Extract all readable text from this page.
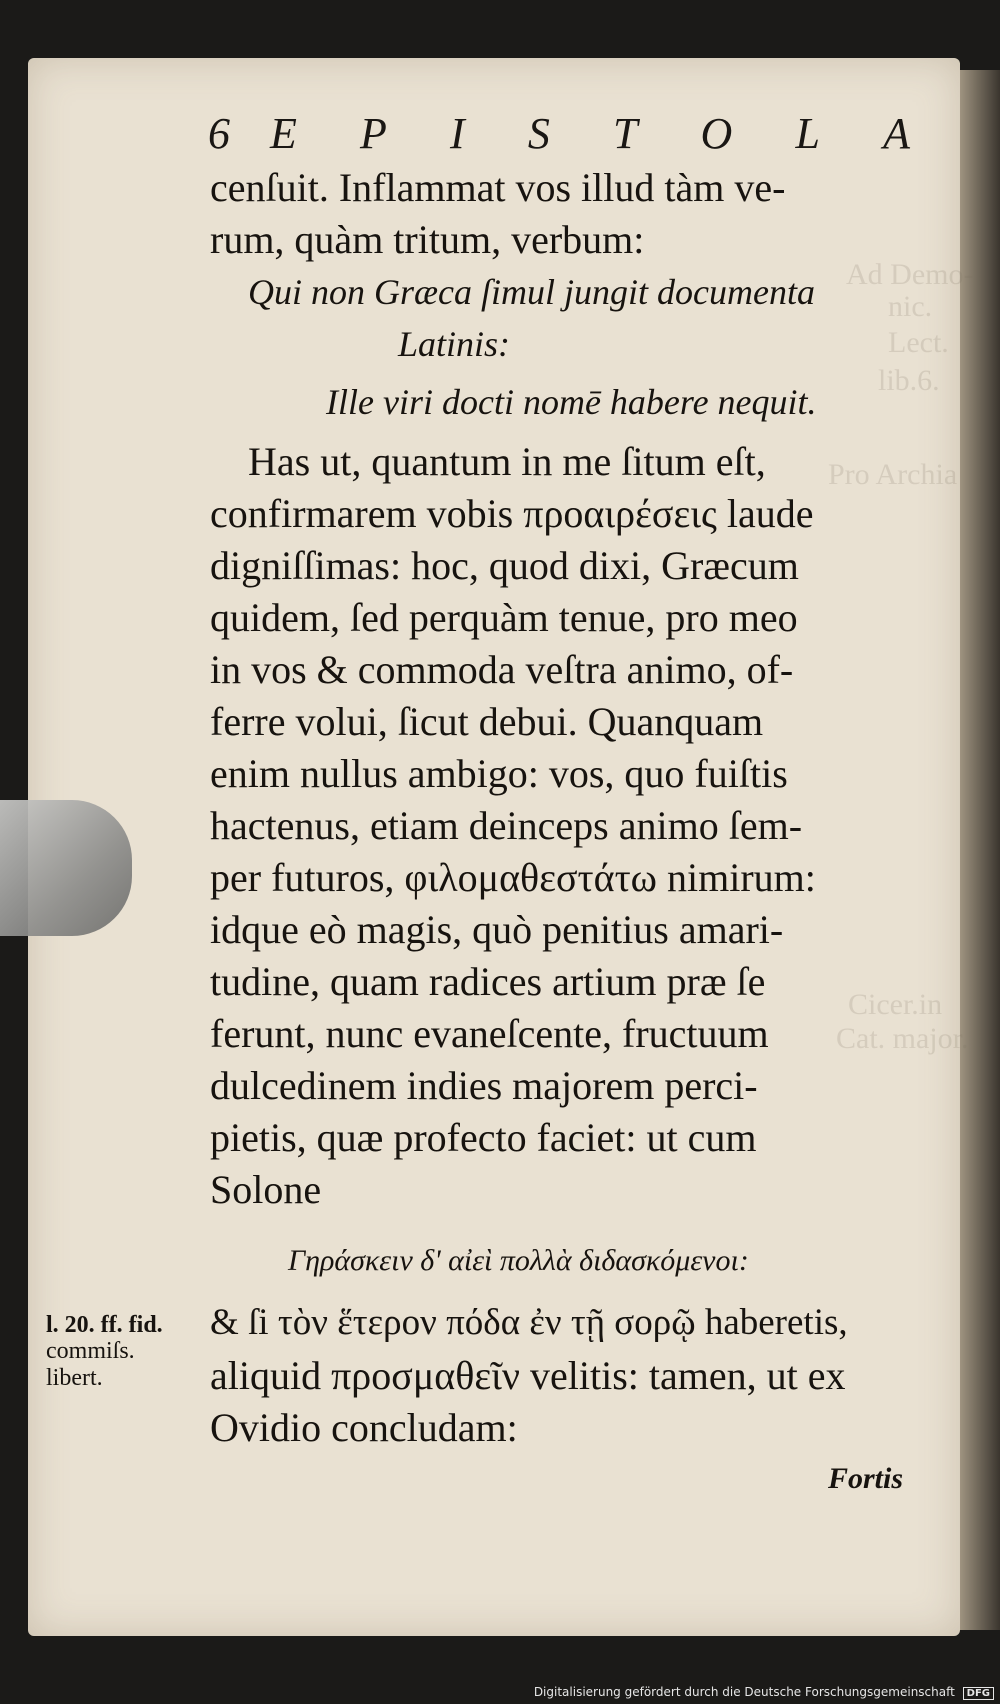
Ad Demo-
nic.
Lect.
lib.6.
Pro Archia
Cicer.in
Cat. major.
6 E P I S T O L A
cenſuit. Inflammat vos illud tàm ve-
rum, quàm tritum, verbum:
Qui non Græca ſimul jungit documenta
Latinis:
Ille viri docti nomē habere nequit.
Has ut, quantum in me ſitum eſt,
confirmarem vobis προαιρέσεις laude
digniſſimas: hoc, quod dixi, Græcum
quidem, ſed perquàm tenue, pro meo
in vos & commoda veſtra animo, of-
ferre volui, ſicut debui. Quanquam
enim nullus ambigo: vos, quo fuiſtis
hactenus, etiam deinceps animo ſem-
per futuros, φιλομαθεστάτω nimirum:
idque eò magis, quò penitius amari-
tudine, quam radices artium præ ſe
ferunt, nunc evaneſcente, fructuum
dulcedinem indies majorem perci-
pietis, quæ profecto faciet: ut cum
Solone
Γηράσκειν δ' αἰεὶ πολλὰ διδασκόμενοι:
& ſi τὸν ἕτερον πόδα ἐν τῇ σορῷ haberetis,
aliquid προσμαθεῖν velitis: tamen, ut ex
Ovidio concludam:
Fortis
l. 20. ff. fid.
commiſs.
libert.
Digitalisierung gefördert durch die Deutsche Forschungsgemeinschaft DFG
